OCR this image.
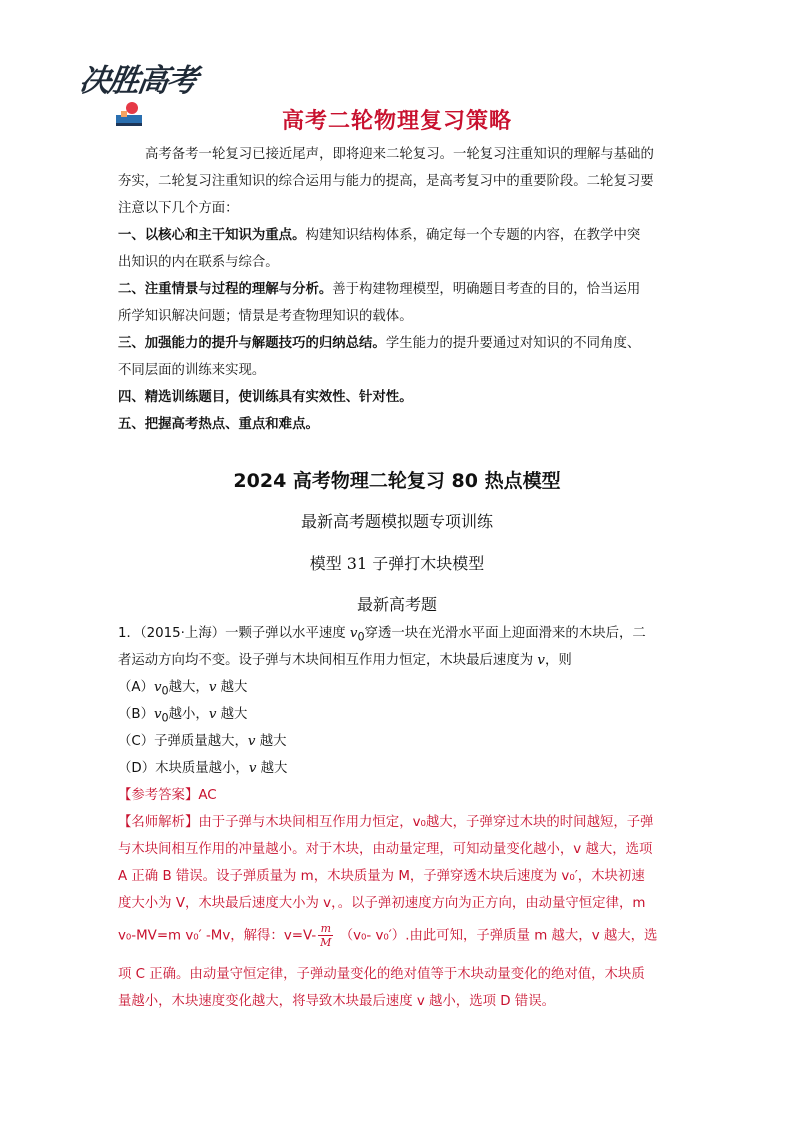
决胜高考
高考二轮物理复习策略
高考备考一轮复习已接近尾声，即将迎来二轮复习。一轮复习注重知识的理解与基础的
夯实，二轮复习注重知识的综合运用与能力的提高，是高考复习中的重要阶段。二轮复习要
注意以下几个方面：
一、以核心和主干知识为重点。构建知识结构体系，确定每一个专题的内容，在教学中突
出知识的内在联系与综合。
二、注重情景与过程的理解与分析。善于构建物理模型，明确题目考查的目的，恰当运用
所学知识解决问题；情景是考查物理知识的载体。
三、加强能力的提升与解题技巧的归纳总结。学生能力的提升要通过对知识的不同角度、
不同层面的训练来实现。
四、精选训练题目，使训练具有实效性、针对性。
五、把握高考热点、重点和难点。
2024 高考物理二轮复习 80 热点模型
最新高考题模拟题专项训练
模型 31 子弹打木块模型
最新高考题
1．（2015·上海）一颗子弹以水平速度 $v_0$穿透一块在光滑水平面上迎面滑来的木块后，二
者运动方向均不变。设子弹与木块间相互作用力恒定，木块最后速度为 v，则
$(A)v_0$越大，v 越大
$(B)v_0$越小，v 越大
（C）子弹质量越大，v 越大
（D）木块质量越小，v 越大
【参考答案】AC
【名师解析】由于子弹与木块间相互作用力恒定，v₀越大，子弹穿过木块的时间越短，子弹
与木块间相互作用的冲量越小。对于木块，由动量定理，可知动量变化越小，v 越大，选项
A 正确 B 错误。设子弹质量为 m，木块质量为 M，子弹穿透木块后速度为 v₀′，木块初速
度大小为 V，木块最后速度大小为 v，。以子弹初速度方向为正方向，由动量守恒定律，m
v₀-MV=m v₀′ -Mv，解得：$v=V- \frac{m}{M} (v_0-$ v₀′）.由此可知，子弹质量 m 越大，v 越大，选
项 C 正确。由动量守恒定律，子弹动量变化的绝对值等于木块动量变化的绝对值，木块质
量越小，木块速度变化越大，将导致木块最后速度 v 越小，选项 D 错误。
